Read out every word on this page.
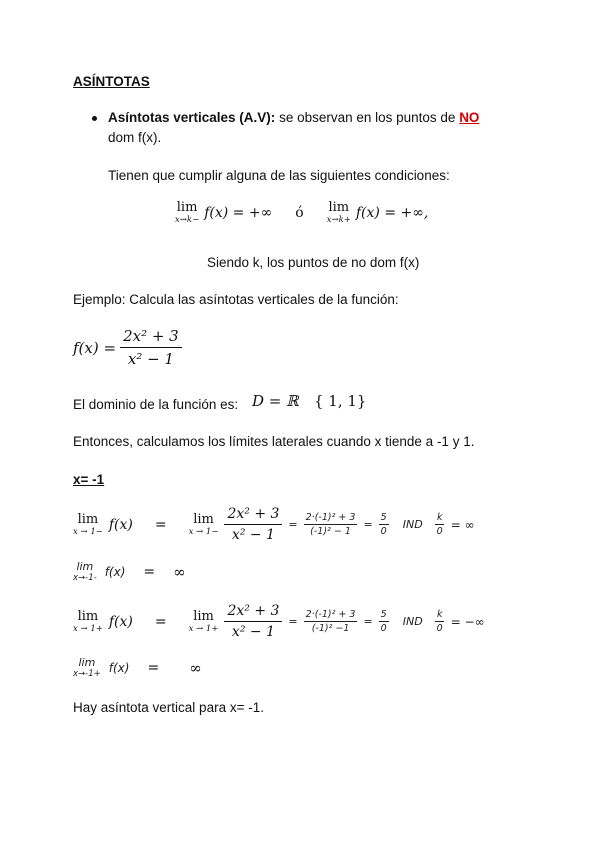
ASÍNTOTAS
Asíntotas verticales (A.V): se observan en los puntos de NO
dom f(x).
Tienen que cumplir alguna de las siguientes condiciones:
lim
x→k− f(x) = +∞ ó lim
x→k+ f(x) = +∞,
Siendo k, los puntos de no dom f(x)
Ejemplo: Calcula las asíntotas verticales de la función:
$f(x) = \frac{\text{2x² + 3}}{\text{x² − 1}}$
El dominio de la función es: D = ℝ { 1, 1}
Entonces, calculamos los límites laterales cuando x tiende a -1 y 1.
x= -1
lim
x → 1− f(x) = lim
$x \to 1- \frac{\text{2x² + 3}}{\text{x² − 1}} = \frac{\text{2·(-1)² + 3}}{\text{(-1)² − 1}} = \frac{5}{0}$ IND $\frac{k}{0}$ = ∞
lim
x→-1- f(x) = ∞
lim
x → 1+ f(x) = lim
$x \to 1+ \frac{\text{2x² + 3}}{\text{x² − 1}} = \frac{\text{2·(-1)² + 3}}{\text{(-1)² −1}} = \frac{5}{0}$ IND $\frac{k}{0}$ = −∞
lim
x→-1+ f(x) = ∞
Hay asíntota vertical para x= -1.
